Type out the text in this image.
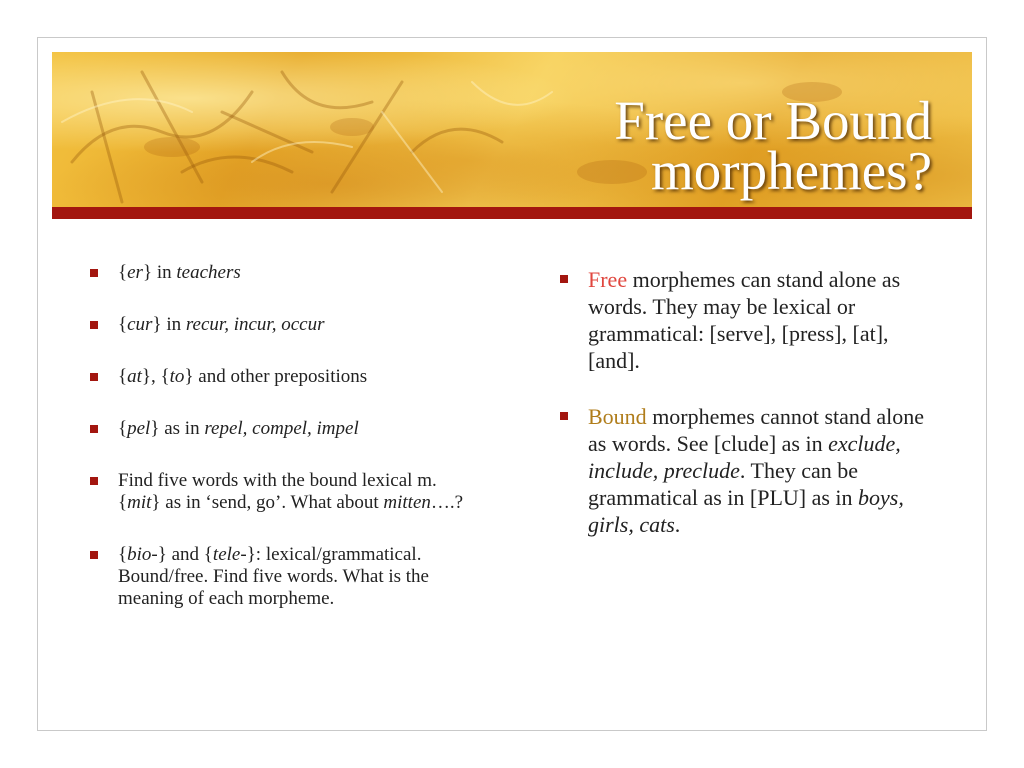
Free or Bound
morphemes?
{er} in teachers
{cur} in recur, incur, occur
{at}, {to} and other prepositions
{pel} as in repel, compel, impel
Find five words with the bound lexical m. {mit} as in ‘send, go’. What about mitten….?
{bio-} and {tele-}: lexical/grammatical. Bound/free. Find five words. What is the meaning of each morpheme.
Free morphemes can stand alone as words. They may be lexical or grammatical: [serve], [press], [at], [and].
Bound morphemes cannot stand alone as words. See [clude] as in exclude, include, preclude. They can be grammatical as in [PLU] as in boys, girls, cats.
